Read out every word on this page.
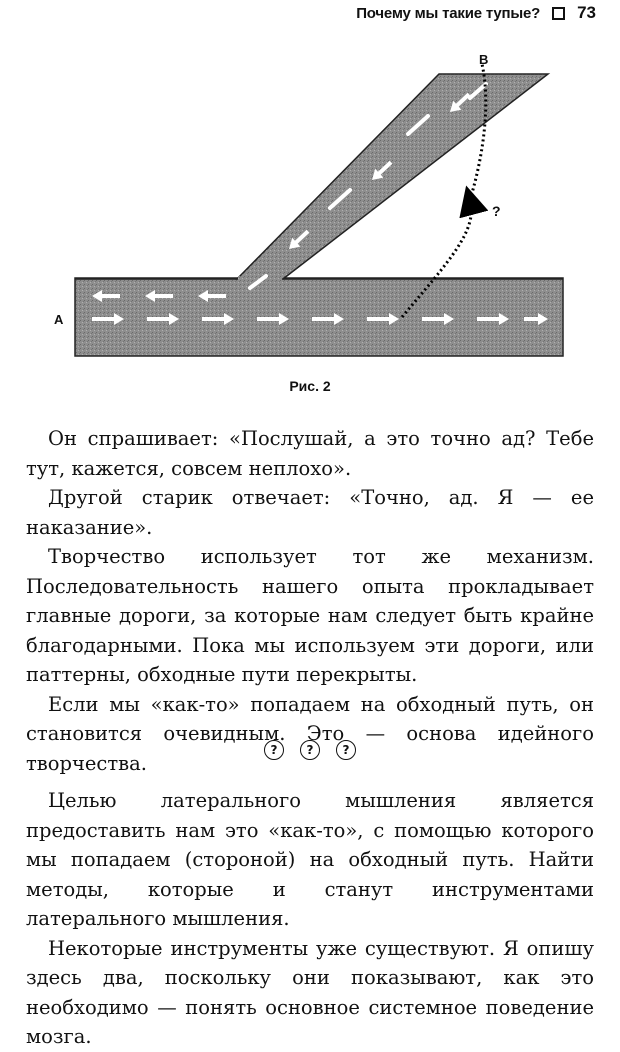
Почему мы такие тупые? 73
A
B
?
Рис. 2

Он спрашивает: «Послушай, а это точно ад? Тебе тут, кажется, совсем неплохо».

Другой старик отвечает: «Точно, ад. Я — ее наказание».

Творчество использует тот же механизм. Последовательность нашего опыта прокладывает главные дороги, за которые нам следует быть крайне благодарными. Пока мы используем эти дороги, или паттерны, обходные пути перекрыты.

Если мы «как-то» попадаем на обходный путь, он становится очевидным. Это — основа идейного творчества.

?	?	?

Целью латерального мышления является предоставить нам это «как-то», с помощью которого мы попадаем (стороной) на обходный путь. Найти методы, которые и станут инструментами латерального мышления.

Некоторые инструменты уже существуют. Я опишу здесь два, поскольку они показывают, как это необходимо — понять основное системное поведение мозга.
